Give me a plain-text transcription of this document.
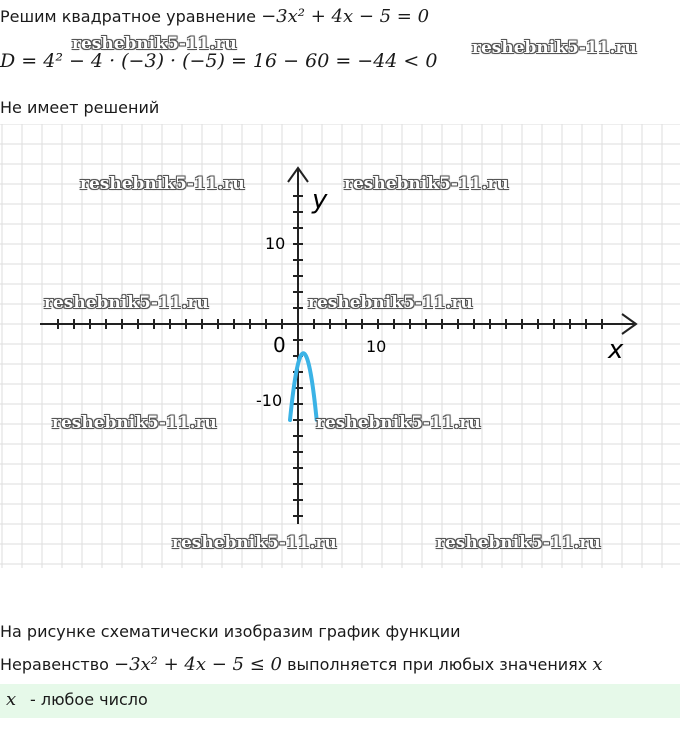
Решим квадратное уравнение −3x² + 4x − 5 = 0
D = 4² − 4 · (−3) · (−5) = 16 − 60 = −44 < 0
Не имеет решений
y
x
0	10
10
-10
reshebnik5-11.ru	reshebnik5-11.ru
reshebnik5-11.ru	reshebnik5-11.ru
reshebnik5-11.ru	reshebnik5-11.ru
reshebnik5-11.ru	reshebnik5-11.ru
reshebnik5-11.ru	reshebnik5-11.ru
На рисунке схематически изобразим график функции
Неравенство −3x² + 4x − 5 ≤ 0 выполняется при любых значениях x
x - любое число
